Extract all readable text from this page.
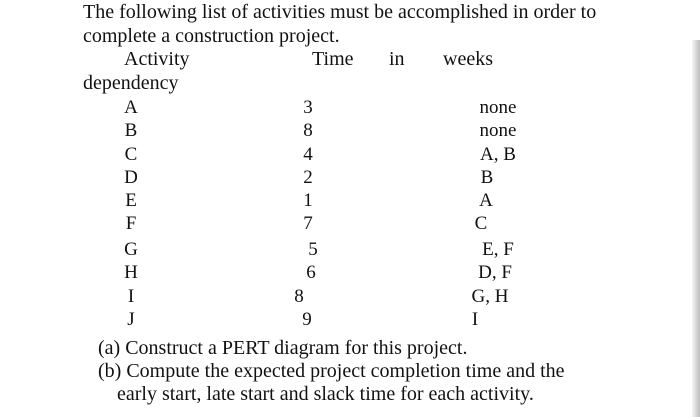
The following list of activities must be accomplished in order to
complete a construction project.
Activity	Time in weeks
dependency
A	3	none
B	8	none
C	4	A, B
D	2	B
E	1	A
F	7	C
G	5	E, F
H	6	D, F
I	8	G, H
J	9	I
(a) Construct a PERT diagram for this project.
(b) Compute the expected project completion time and the
early start, late start and slack time for each activity.
